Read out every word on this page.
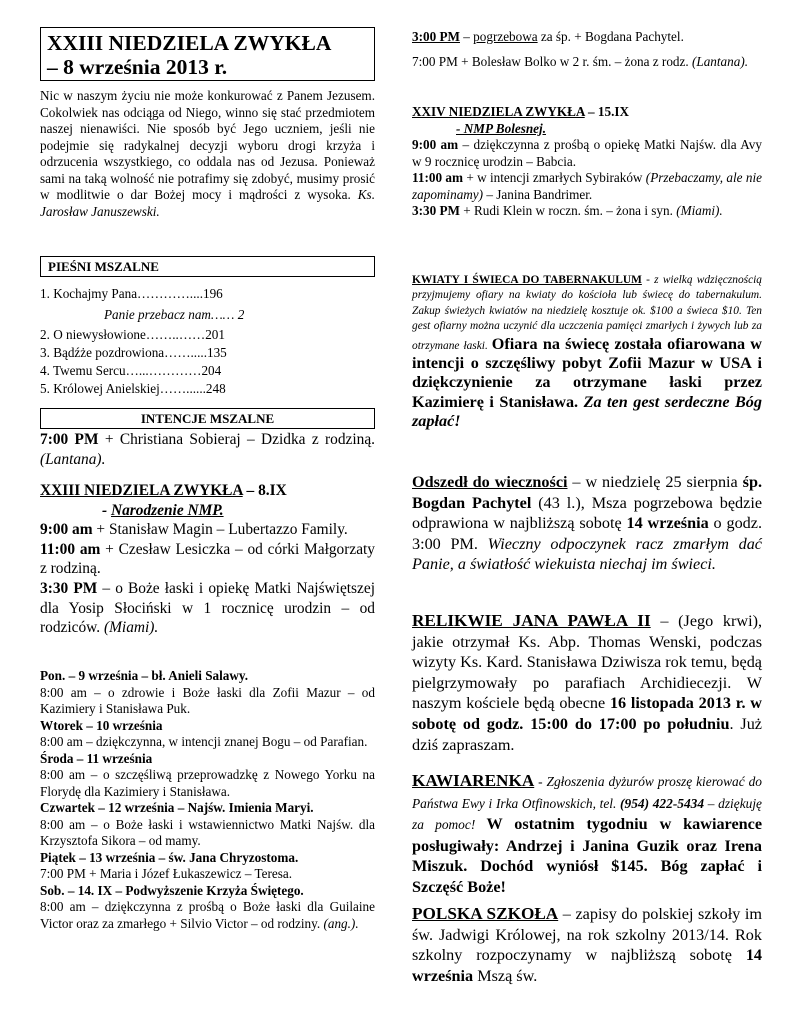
XXIII NIEDZIELA ZWYKŁA
– 8 września 2013 r.

Nic w naszym życiu nie może konkurować z Panem Jezusem. Cokolwiek nas odciąga od Niego, winno się stać przedmiotem naszej nienawiści. Nie sposób być Jego uczniem, jeśli nie podejmie się radykalnej decyzji wyboru drogi krzyża i odrzucenia wszystkiego, co oddala nas od Jezusa. Ponieważ sami na taką wolność nie potrafimy się zdobyć, musimy prosić w modlitwie o dar Bożej mocy i mądrości z wysoka. Ks. Jarosław Januszewski.

PIEŚNI MSZALNE

1. Kochajmy Pana…………....196

Panie przebacz nam…… 2

2. O niewysłowione……..……201

3. Bądźże pozdrowiona…….....135

4. Twemu Sercu…...…………204

5. Królowej Anielskiej……......248

INTENCJE MSZALNE

7:00 PM + Christiana Sobieraj – Dzidka z rodziną. (Lantana).

XXIII NIEDZIELA ZWYKŁA – 8.IX

- Narodzenie NMP.

9:00 am + Stanisław Magin – Lubertazzo Family.

11:00 am + Czesław Lesiczka – od córki Małgorzaty z rodziną.

3:30 PM – o Boże łaski i opiekę Matki Najświętszej dla Yosip Słociński w 1 rocznicę urodzin – od rodziców. (Miami).

Pon. – 9 września – bł. Anieli Salawy.

8:00 am – o zdrowie i Boże łaski dla Zofii Mazur – od Kazimiery i Stanisława Puk.

Wtorek – 10 września

8:00 am – dziękczynna, w intencji znanej Bogu – od Parafian.

Środa – 11 września

8:00 am – o szczęśliwą przeprowadzkę z Nowego Yorku na Florydę dla Kazimiery i Stanisława.

Czwartek – 12 września – Najśw. Imienia Maryi.

8:00 am – o Boże łaski i wstawiennictwo Matki Najśw. dla Krzysztofa Sikora – od mamy.

Piątek – 13 września – św. Jana Chryzostoma.

7:00 PM + Maria i Józef Łukaszewicz – Teresa.

Sob. – 14. IX – Podwyższenie Krzyża Świętego.

8:00 am – dziękczynna z prośbą o Boże łaski dla Guilaine Victor oraz za zmarłego + Silvio Victor – od rodziny. (ang.).

3:00 PM – pogrzebowa za śp. + Bogdana Pachytel.

7:00 PM + Bolesław Bolko w 2 r. śm. – żona z rodz. (Lantana).

XXIV NIEDZIELA ZWYKŁA – 15.IX

- NMP Bolesnej.

9:00 am – dziękczynna z prośbą o opiekę Matki Najśw. dla Avy w 9 rocznicę urodzin – Babcia.

11:00 am + w intencji zmarłych Sybiraków (Przebaczamy, ale nie zapominamy) – Janina Bandrimer.

3:30 PM + Rudi Klein w roczn. śm. – żona i syn. (Miami).

KWIATY I ŚWIECA DO TABERNAKULUM - z wielką wdzięcznością przyjmujemy ofiary na kwiaty do kościoła lub świecę do tabernakulum. Zakup świeżych kwiatów na niedzielę kosztuje ok. $100 a świeca $10. Ten gest ofiarny można uczynić dla uczczenia pamięci zmarłych i żywych lub za otrzymane łaski. Ofiara na świecę została ofiarowana w intencji o szczęśliwy pobyt Zofii Mazur w USA i dziękczynienie za otrzymane łaski przez Kazimierę i Stanisława. Za ten gest serdeczne Bóg zapłać!

Odszedł do wieczności – w niedzielę 25 sierpnia śp. Bogdan Pachytel (43 l.), Msza pogrzebowa będzie odprawiona w najbliższą sobotę 14 września o godz. 3:00 PM. Wieczny odpoczynek racz zmarłym dać Panie, a światłość wiekuista niechaj im świeci.

RELIKWIE JANA PAWŁA II – (Jego krwi), jakie otrzymał Ks. Abp. Thomas Wenski, podczas wizyty Ks. Kard. Stanisława Dziwisza rok temu, będą pielgrzymowały po parafiach Archidiecezji. W naszym kościele będą obecne 16 listopada 2013 r. w sobotę od godz. 15:00 do 17:00 po południu. Już dziś zapraszam.

KAWIARENKA - Zgłoszenia dyżurów proszę kierować do Państwa Ewy i Irka Otfinowskich, tel. (954) 422-5434 – dziękuję za pomoc! W ostatnim tygodniu w kawiarence posługiwały: Andrzej i Janina Guzik oraz Irena Miszuk. Dochód wyniósł $145. Bóg zapłać i Szczęść Boże!

POLSKA SZKOŁA – zapisy do polskiej szkoły im św. Jadwigi Królowej, na rok szkolny 2013/14. Rok szkolny rozpoczynamy w najbliższą sobotę 14 września Mszą św.
